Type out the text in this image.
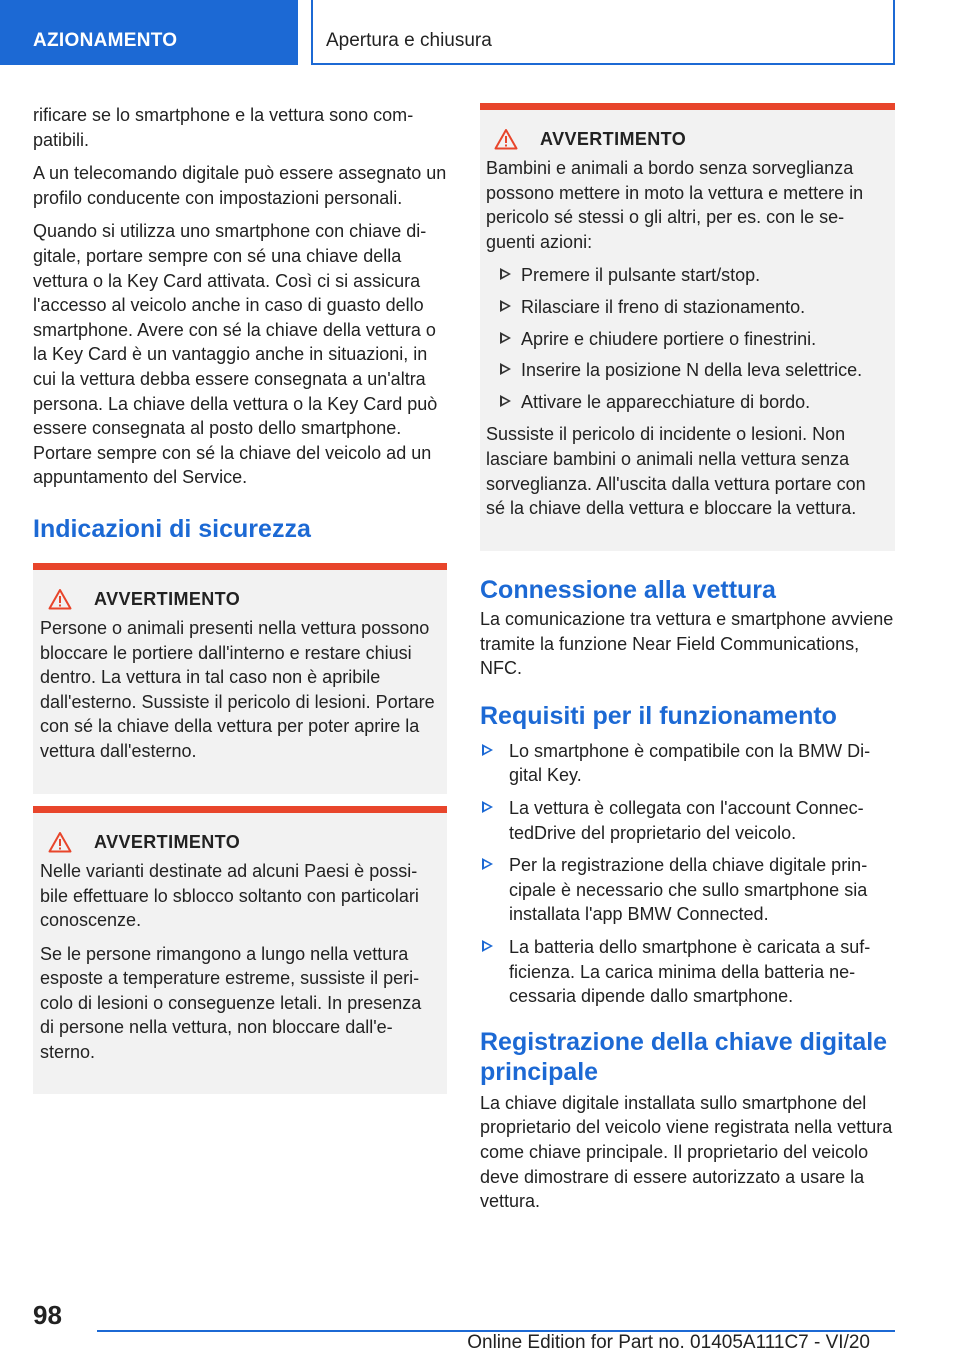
AZIONAMENTO	Apertura e chiusura

rificare se lo smartphone e la vettura sono compatibili.

A un telecomando digitale può essere assegnato un profilo conducente con impostazioni personali.

Quando si utilizza uno smartphone con chiave digitale, portare sempre con sé una chiave della vettura o la Key Card attivata. Così ci si assicura l'accesso al veicolo anche in caso di guasto dello smartphone. Avere con sé la chiave della vettura o la Key Card è un vantaggio anche in situazioni, in cui la vettura debba essere consegnata a un'altra persona. La chiave della vettura o la Key Card può essere consegnata al posto dello smartphone. Portare sempre con sé la chiave del veicolo ad un appuntamento del Service.

Indicazioni di sicurezza
AVVERTIMENTO

Persone o animali presenti nella vettura possono bloccare le portiere dall'interno e restare chiusi dentro. La vettura in tal caso non è apribile dall'esterno. Sussiste il pericolo di lesioni. Portare con sé la chiave della vettura per poter aprire la vettura dall'esterno.

AVVERTIMENTO

Nelle varianti destinate ad alcuni Paesi è possibile effettuare lo sblocco soltanto con particolari conoscenze.

Se le persone rimangono a lungo nella vettura esposte a temperature estreme, sussiste il pericolo di lesioni o conseguenze letali. In presenza di persone nella vettura, non bloccare dall'esterno.

AVVERTIMENTO

Bambini e animali a bordo senza sorveglianza possono mettere in moto la vettura e mettere in pericolo sé stessi o gli altri, per es. con le seguenti azioni:

Premere il pulsante start/stop.
Rilasciare il freno di stazionamento.
Aprire e chiudere portiere o finestrini.
Inserire la posizione N della leva selettrice.
Attivare le apparecchiature di bordo.

Sussiste il pericolo di incidente o lesioni. Non lasciare bambini o animali nella vettura senza sorveglianza. All'uscita dalla vettura portare con sé la chiave della vettura e bloccare la vettura.

Connessione alla vettura

La comunicazione tra vettura e smartphone avviene tramite la funzione Near Field Communications, NFC.

Requisiti per il funzionamento
Lo smartphone è compatibile con la BMW Digital Key.
La vettura è collegata con l'account ConnectedDrive del proprietario del veicolo.
Per la registrazione della chiave digitale principale è necessario che sullo smartphone sia installata l'app BMW Connected.
La batteria dello smartphone è caricata a sufficienza. La carica minima della batteria necessaria dipende dallo smartphone.
Registrazione della chiave digitale principale

La chiave digitale installata sullo smartphone del proprietario del veicolo viene registrata nella vettura come chiave principale. Il proprietario del veicolo deve dimostrare di essere autorizzato a usare la vettura.

98
Online Edition for Part no. 01405A111C7 - VI/20
